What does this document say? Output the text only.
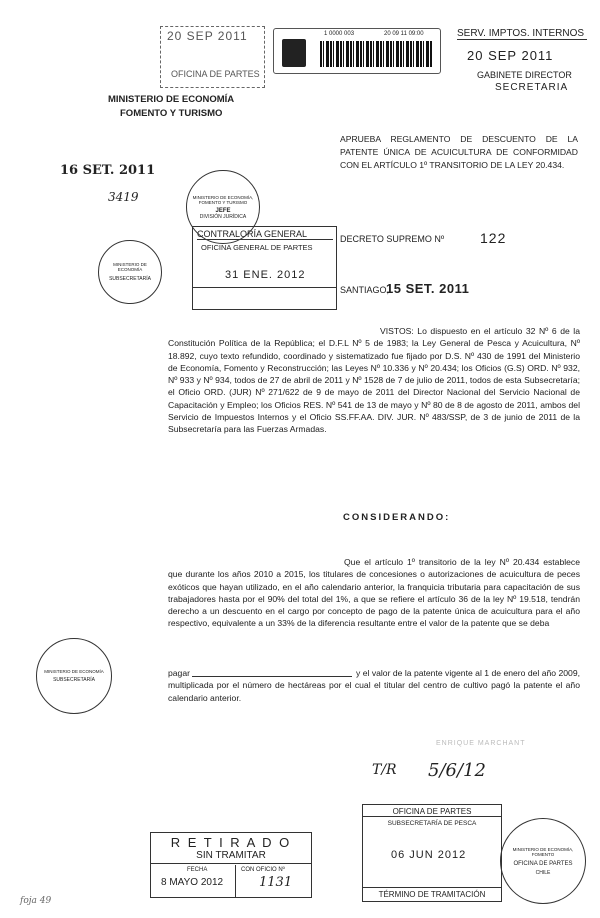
20 SEP 2011
OFICINA DE PARTES
1 0000 003	20 09 11 09:00	SERV. IMPTOS. INTERNOS
20 SEP 2011
GABINETE DIRECTOR
SECRETARIA
MINISTERIO DE ECONOMÍA
FOMENTO Y TURISMO
16 SET. 2011
3419
APRUEBA REGLAMENTO DE DESCUENTO DE LA PATENTE ÚNICA DE ACUICULTURA DE CONFORMIDAD CON EL ARTÍCULO 1º TRANSITORIO DE LA LEY 20.434.
MINISTERIO DE ECONOMÍA, FOMENTO Y TURISMO
JEFE
DIVISIÓN JURÍDICA
MINISTERIO DE ECONOMÍA
SUBSECRETARÍA
CONTRALORÍA GENERAL
OFICINA GENERAL DE PARTES
31 ENE. 2012
DECRETO SUPREMO Nº	122
SANTIAGO,
15 SET. 2011
VISTOS: Lo dispuesto en el artículo 32 Nº 6 de la Constitución Política de la República; el D.F.L Nº 5 de 1983; la Ley General de Pesca y Acuicultura, Nº 18.892, cuyo texto refundido, coordinado y sistematizado fue fijado por D.S. Nº 430 de 1991 del Ministerio de Economía, Fomento y Reconstrucción; las Leyes Nº 10.336 y Nº 20.434; los Oficios (G.S) ORD. Nº 932, Nº 933 y Nº 934, todos de 27 de abril de 2011 y Nº 1528 de 7 de julio de 2011, todos de esta Subsecretaría; el Oficio ORD. (JUR) Nº 271/622 de 9 de mayo de 2011 del Director Nacional del Servicio Nacional de Capacitación y Empleo; los Oficios RES. Nº 541 de 13 de mayo y Nº 80 de 8 de agosto de 2011, ambos del Servicio de Impuestos Internos y el Oficio SS.FF.AA. DIV. JUR. Nº 483/SSP, de 3 de junio de 2011 de la Subsecretaría para las Fuerzas Armadas.
CONSIDERANDO:
Que el artículo 1º transitorio de la ley Nº 20.434 establece que durante los años 2010 a 2015, los titulares de concesiones o autorizaciones de acuicultura de peces exóticos que hayan utilizado, en el año calendario anterior, la franquicia tributaria para capacitación de sus trabajadores hasta por el 90% del total del 1%, a que se refiere el artículo 36 de la ley Nº 19.518, tendrán derecho a un descuento en el cargo por concepto de pago de la patente única de acuicultura para el año respectivo, equivalente a un 33% de la diferencia resultante entre el valor de la patente que se deba
pagar	y el valor de la patente vigente al 1 de enero del año 2009, multiplicada por el número de hectáreas por el cual el titular del centro de cultivo pagó la patente el año calendario anterior.
MINISTERIO DE ECONOMÍA
SUBSECRETARÍA
ENRIQUE MARCHANT
T/R 5/6/12
R E T I R A D O
SIN TRAMITAR
FECHA
8 MAYO 2012
CON OFICIO Nº
1131
OFICINA DE PARTES
SUBSECRETARÍA DE PESCA
06 JUN 2012
TÉRMINO DE TRAMITACIÓN
MINISTERIO DE ECONOMÍA, FOMENTO
OFICINA DE PARTES
CHILE
foja 49
